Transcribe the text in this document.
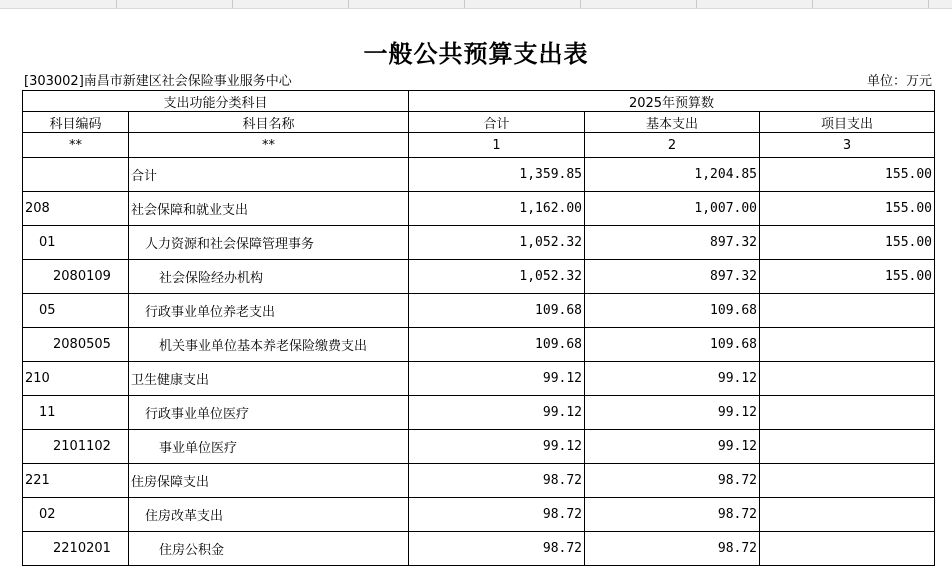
一般公共预算支出表
[303002]南昌市新建区社会保险事业服务中心	单位：万元
支出功能分类科目		2025年预算数		
科目编码	科目名称	合计	基本支出	项目支出
**	**	1	2	3
	合计	1,359.85	1,204.85	155.00
208	社会保障和就业支出	1,162.00	1,007.00	155.00
01	人力资源和社会保障管理事务	1,052.32	897.32	155.00
2080109	社会保险经办机构	1,052.32	897.32	155.00
05	行政事业单位养老支出	109.68	109.68	
2080505	机关事业单位基本养老保险缴费支出	109.68	109.68	
210	卫生健康支出	99.12	99.12	
11	行政事业单位医疗	99.12	99.12	
2101102	事业单位医疗	99.12	99.12	
221	住房保障支出	98.72	98.72	
02	住房改革支出	98.72	98.72	
2210201	住房公积金	98.72	98.72	
